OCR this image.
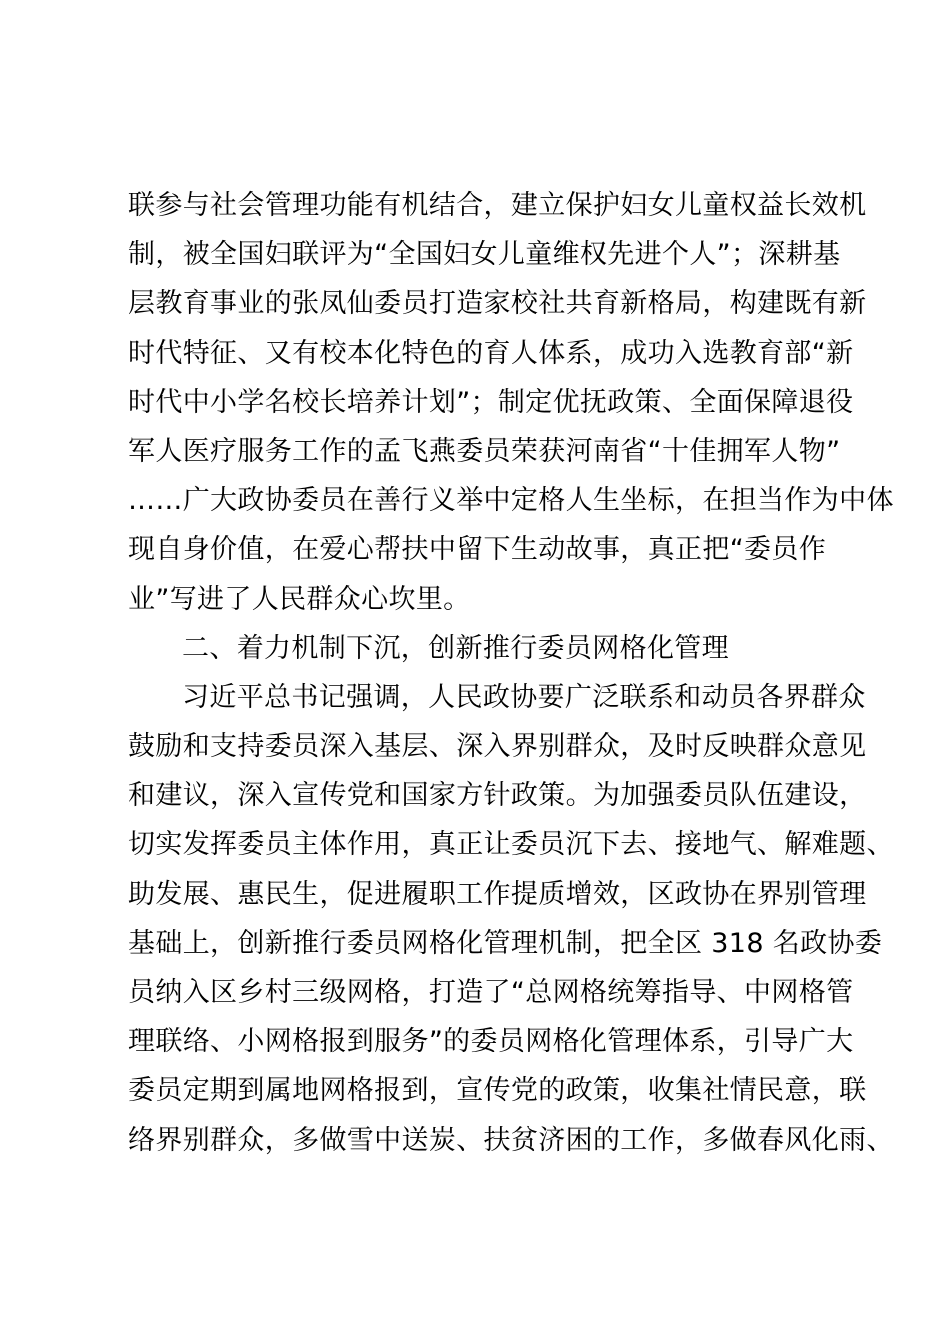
联参与社会管理功能有机结合，建立保护妇女儿童权益长效机
制，被全国妇联评为“全国妇女儿童维权先进个人”；深耕基
层教育事业的张凤仙委员打造家校社共育新格局，构建既有新
时代特征、又有校本化特色的育人体系，成功入选教育部“新
时代中小学名校长培养计划”；制定优抚政策、全面保障退役
军人医疗服务工作的孟飞燕委员荣获河南省“十佳拥军人物”
……广大政协委员在善行义举中定格人生坐标，在担当作为中体
现自身价值，在爱心帮扶中留下生动故事，真正把“委员作
业”写进了人民群众心坎里。
二、着力机制下沉，创新推行委员网格化管理
习近平总书记强调，人民政协要广泛联系和动员各界群众
鼓励和支持委员深入基层、深入界别群众，及时反映群众意见
和建议，深入宣传党和国家方针政策。为加强委员队伍建设，
切实发挥委员主体作用，真正让委员沉下去、接地气、解难题、
助发展、惠民生，促进履职工作提质增效，区政协在界别管理
基础上，创新推行委员网格化管理机制，把全区 318 名政协委
员纳入区乡村三级网格，打造了“总网格统筹指导、中网格管
理联络、小网格报到服务”的委员网格化管理体系，引导广大
委员定期到属地网格报到，宣传党的政策，收集社情民意，联
络界别群众，多做雪中送炭、扶贫济困的工作，多做春风化雨、
